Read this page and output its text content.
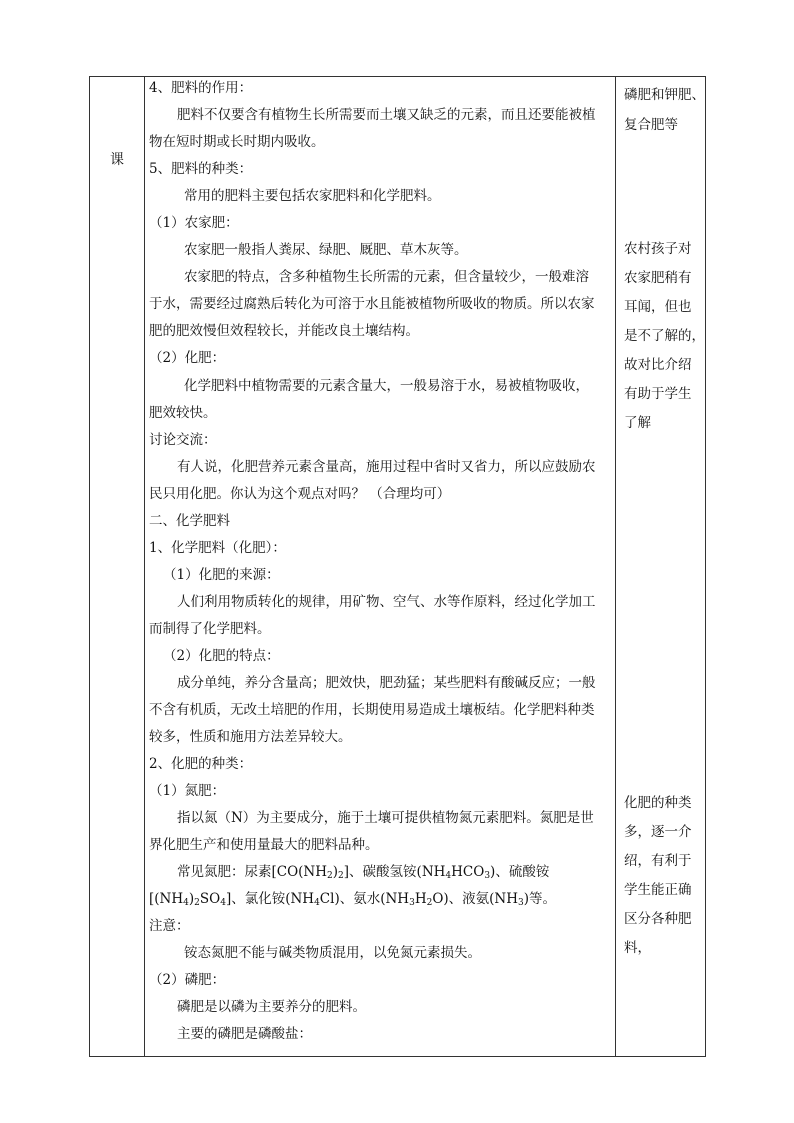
课
4、肥料的作用：
肥料不仅要含有植物生长所需要而土壤又缺乏的元素，而且还要能被植
物在短时期或长时期内吸收。
5、肥料的种类：
常用的肥料主要包括农家肥料和化学肥料。
（1）农家肥：
农家肥一般指人粪尿、绿肥、厩肥、草木灰等。
农家肥的特点，含多种植物生长所需的元素，但含量较少，一般难溶
于水，需要经过腐熟后转化为可溶于水且能被植物所吸收的物质。所以农家
肥的肥效慢但效程较长，并能改良土壤结构。
（2）化肥：
化学肥料中植物需要的元素含量大，一般易溶于水，易被植物吸收，
肥效较快。
讨论交流：
有人说，化肥营养元素含量高，施用过程中省时又省力，所以应鼓励农
民只用化肥。你认为这个观点对吗？ （合理均可）
二、化学肥料
1、化学肥料（化肥）：
（1）化肥的来源：
人们利用物质转化的规律，用矿物、空气、水等作原料，经过化学加工
而制得了化学肥料。
（2）化肥的特点：
成分单纯，养分含量高；肥效快，肥劲猛；某些肥料有酸碱反应；一般
不含有机质，无改土培肥的作用，长期使用易造成土壤板结。化学肥料种类
较多，性质和施用方法差异较大。
2、化肥的种类：
（1）氮肥：
指以氮（N）为主要成分，施于土壤可提供植物氮元素肥料。氮肥是世
界化肥生产和使用量最大的肥料品种。
常见氮肥：尿素$[CO(NH_2)_2]$、碳酸氢铵$(NH_4HCO_3)$、硫酸铵
$[(NH_4)_2SO_4]$、氯化铵$(NH_4Cl)$、氨水$(NH_3H_2O)$、液氨$(NH_3)$等。
注意：
铵态氮肥不能与碱类物质混用，以免氮元素损失。
（2）磷肥：
磷肥是以磷为主要养分的肥料。
主要的磷肥是磷酸盐：
磷肥和钾肥、
复合肥等
农村孩子对
农家肥稍有
耳闻，但也
是不了解的，
故对比介绍
有助于学生
了解
化肥的种类
多，逐一介
绍，有利于
学生能正确
区分各种肥
料，
